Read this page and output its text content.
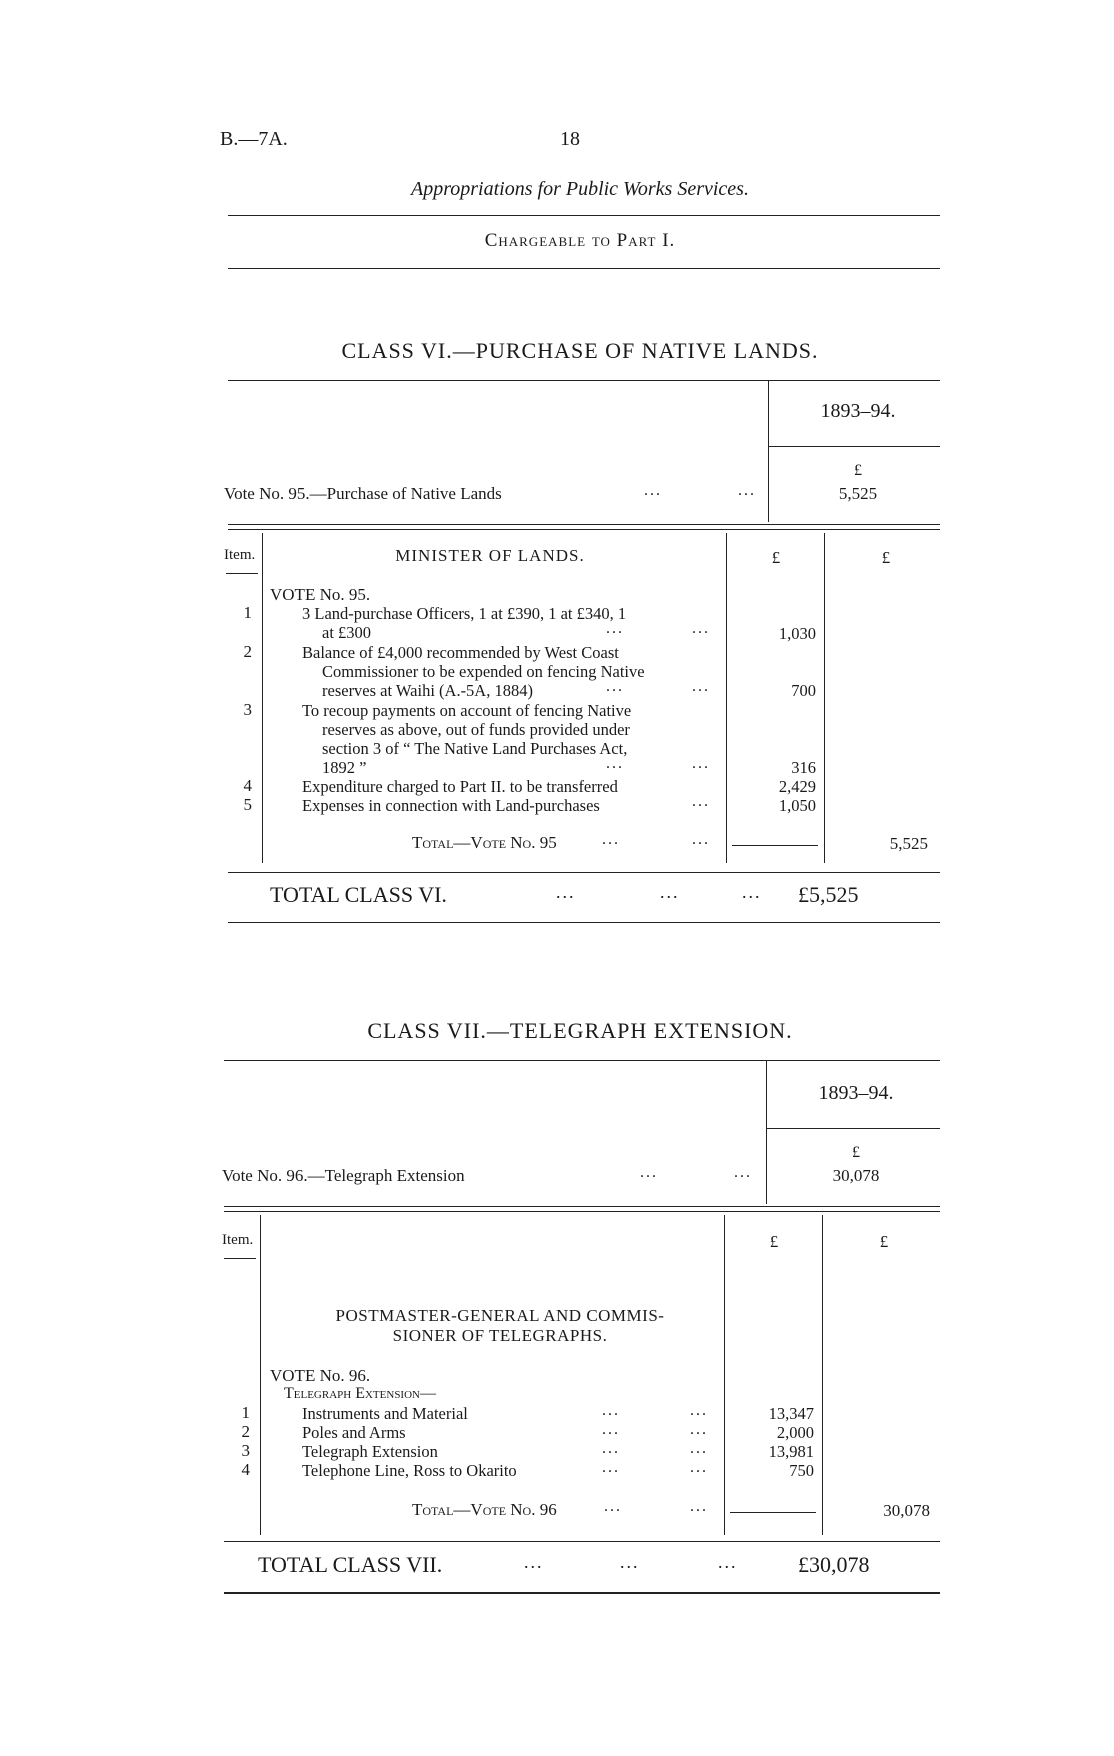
B.—7A.	18
Appropriations for Public Works Services.
Chargeable to Part I.
CLASS VI.—PURCHASE OF NATIVE LANDS.
1893–94.
£
Vote No. 95.—Purchase of Native Lands	...	...	5,525
Item.	MINISTER OF LANDS.	£	£
VOTE No. 95.
1	3 Land-purchase Officers, 1 at £390, 1 at £340, 1
at £300	...	...	1,030
2	Balance of £4,000 recommended by West Coast
Commissioner to be expended on fencing Native
reserves at Waihi (A.-5A, 1884)	...	...	700
3	To recoup payments on account of fencing Native
reserves as above, out of funds provided under
section 3 of “ The Native Land Purchases Act,
1892 ”	...	...	316
4	Expenditure charged to Part II. to be transferred	2,429
5	Expenses in connection with Land-purchases	...	1,050
Total—Vote No. 95	...	...	5,525
TOTAL CLASS VI.	...	...	... £5,525
CLASS VII.—TELEGRAPH EXTENSION.
1893–94.
£
Vote No. 96.—Telegraph Extension	...	...	30,078
Item.	£	£
POSTMASTER-GENERAL AND COMMIS-
SIONER OF TELEGRAPHS.
VOTE No. 96.
Telegraph Extension—
1	Instruments and Material	...	...	13,347
2	Poles and Arms	...	...	2,000
3	Telegraph Extension	...	...	13,981
4	Telephone Line, Ross to Okarito	...	...	750
Total—Vote No. 96	...	...	30,078
TOTAL CLASS VII.	...	...	...	£30,078
